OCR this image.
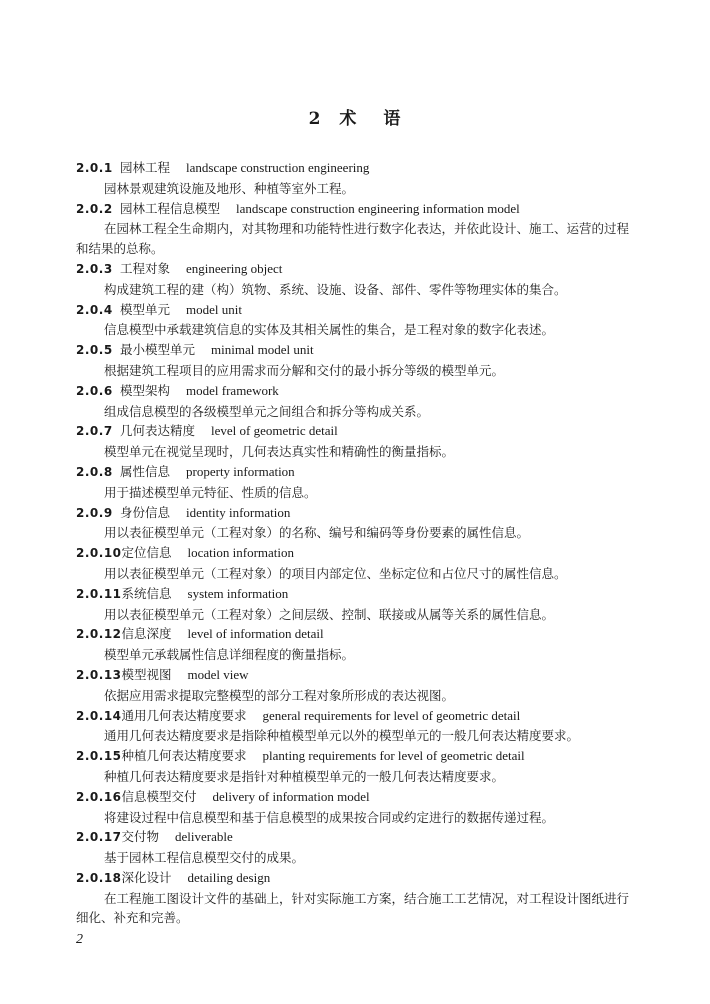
2 术 语
2.0.1 园林工程 landscape construction engineering
园林景观建筑设施及地形、种植等室外工程。
2.0.2 园林工程信息模型 landscape construction engineering information model
在园林工程全生命期内，对其物理和功能特性进行数字化表达，并依此设计、施工、运营的过程和结果的总称。
2.0.3 工程对象 engineering object
构成建筑工程的建（构）筑物、系统、设施、设备、部件、零件等物理实体的集合。
2.0.4 模型单元 model unit
信息模型中承载建筑信息的实体及其相关属性的集合，是工程对象的数字化表述。
2.0.5 最小模型单元 minimal model unit
根据建筑工程项目的应用需求而分解和交付的最小拆分等级的模型单元。
2.0.6 模型架构 model framework
组成信息模型的各级模型单元之间组合和拆分等构成关系。
2.0.7 几何表达精度 level of geometric detail
模型单元在视觉呈现时，几何表达真实性和精确性的衡量指标。
2.0.8 属性信息 property information
用于描述模型单元特征、性质的信息。
2.0.9 身份信息 identity information
用以表征模型单元（工程对象）的名称、编号和编码等身份要素的属性信息。
2.0.10定位信息 location information
用以表征模型单元（工程对象）的项目内部定位、坐标定位和占位尺寸的属性信息。
2.0.11系统信息 system information
用以表征模型单元（工程对象）之间层级、控制、联接或从属等关系的属性信息。
2.0.12信息深度 level of information detail
模型单元承载属性信息详细程度的衡量指标。
2.0.13模型视图 model view
依据应用需求提取完整模型的部分工程对象所形成的表达视图。
2.0.14通用几何表达精度要求 general requirements for level of geometric detail
通用几何表达精度要求是指除种植模型单元以外的模型单元的一般几何表达精度要求。
2.0.15种植几何表达精度要求 planting requirements for level of geometric detail
种植几何表达精度要求是指针对种植模型单元的一般几何表达精度要求。
2.0.16信息模型交付 delivery of information model
将建设过程中信息模型和基于信息模型的成果按合同或约定进行的数据传递过程。
2.0.17交付物 deliverable
基于园林工程信息模型交付的成果。
2.0.18深化设计 detailing design
在工程施工图设计文件的基础上，针对实际施工方案，结合施工工艺情况，对工程设计图纸进行细化、补充和完善。
2
